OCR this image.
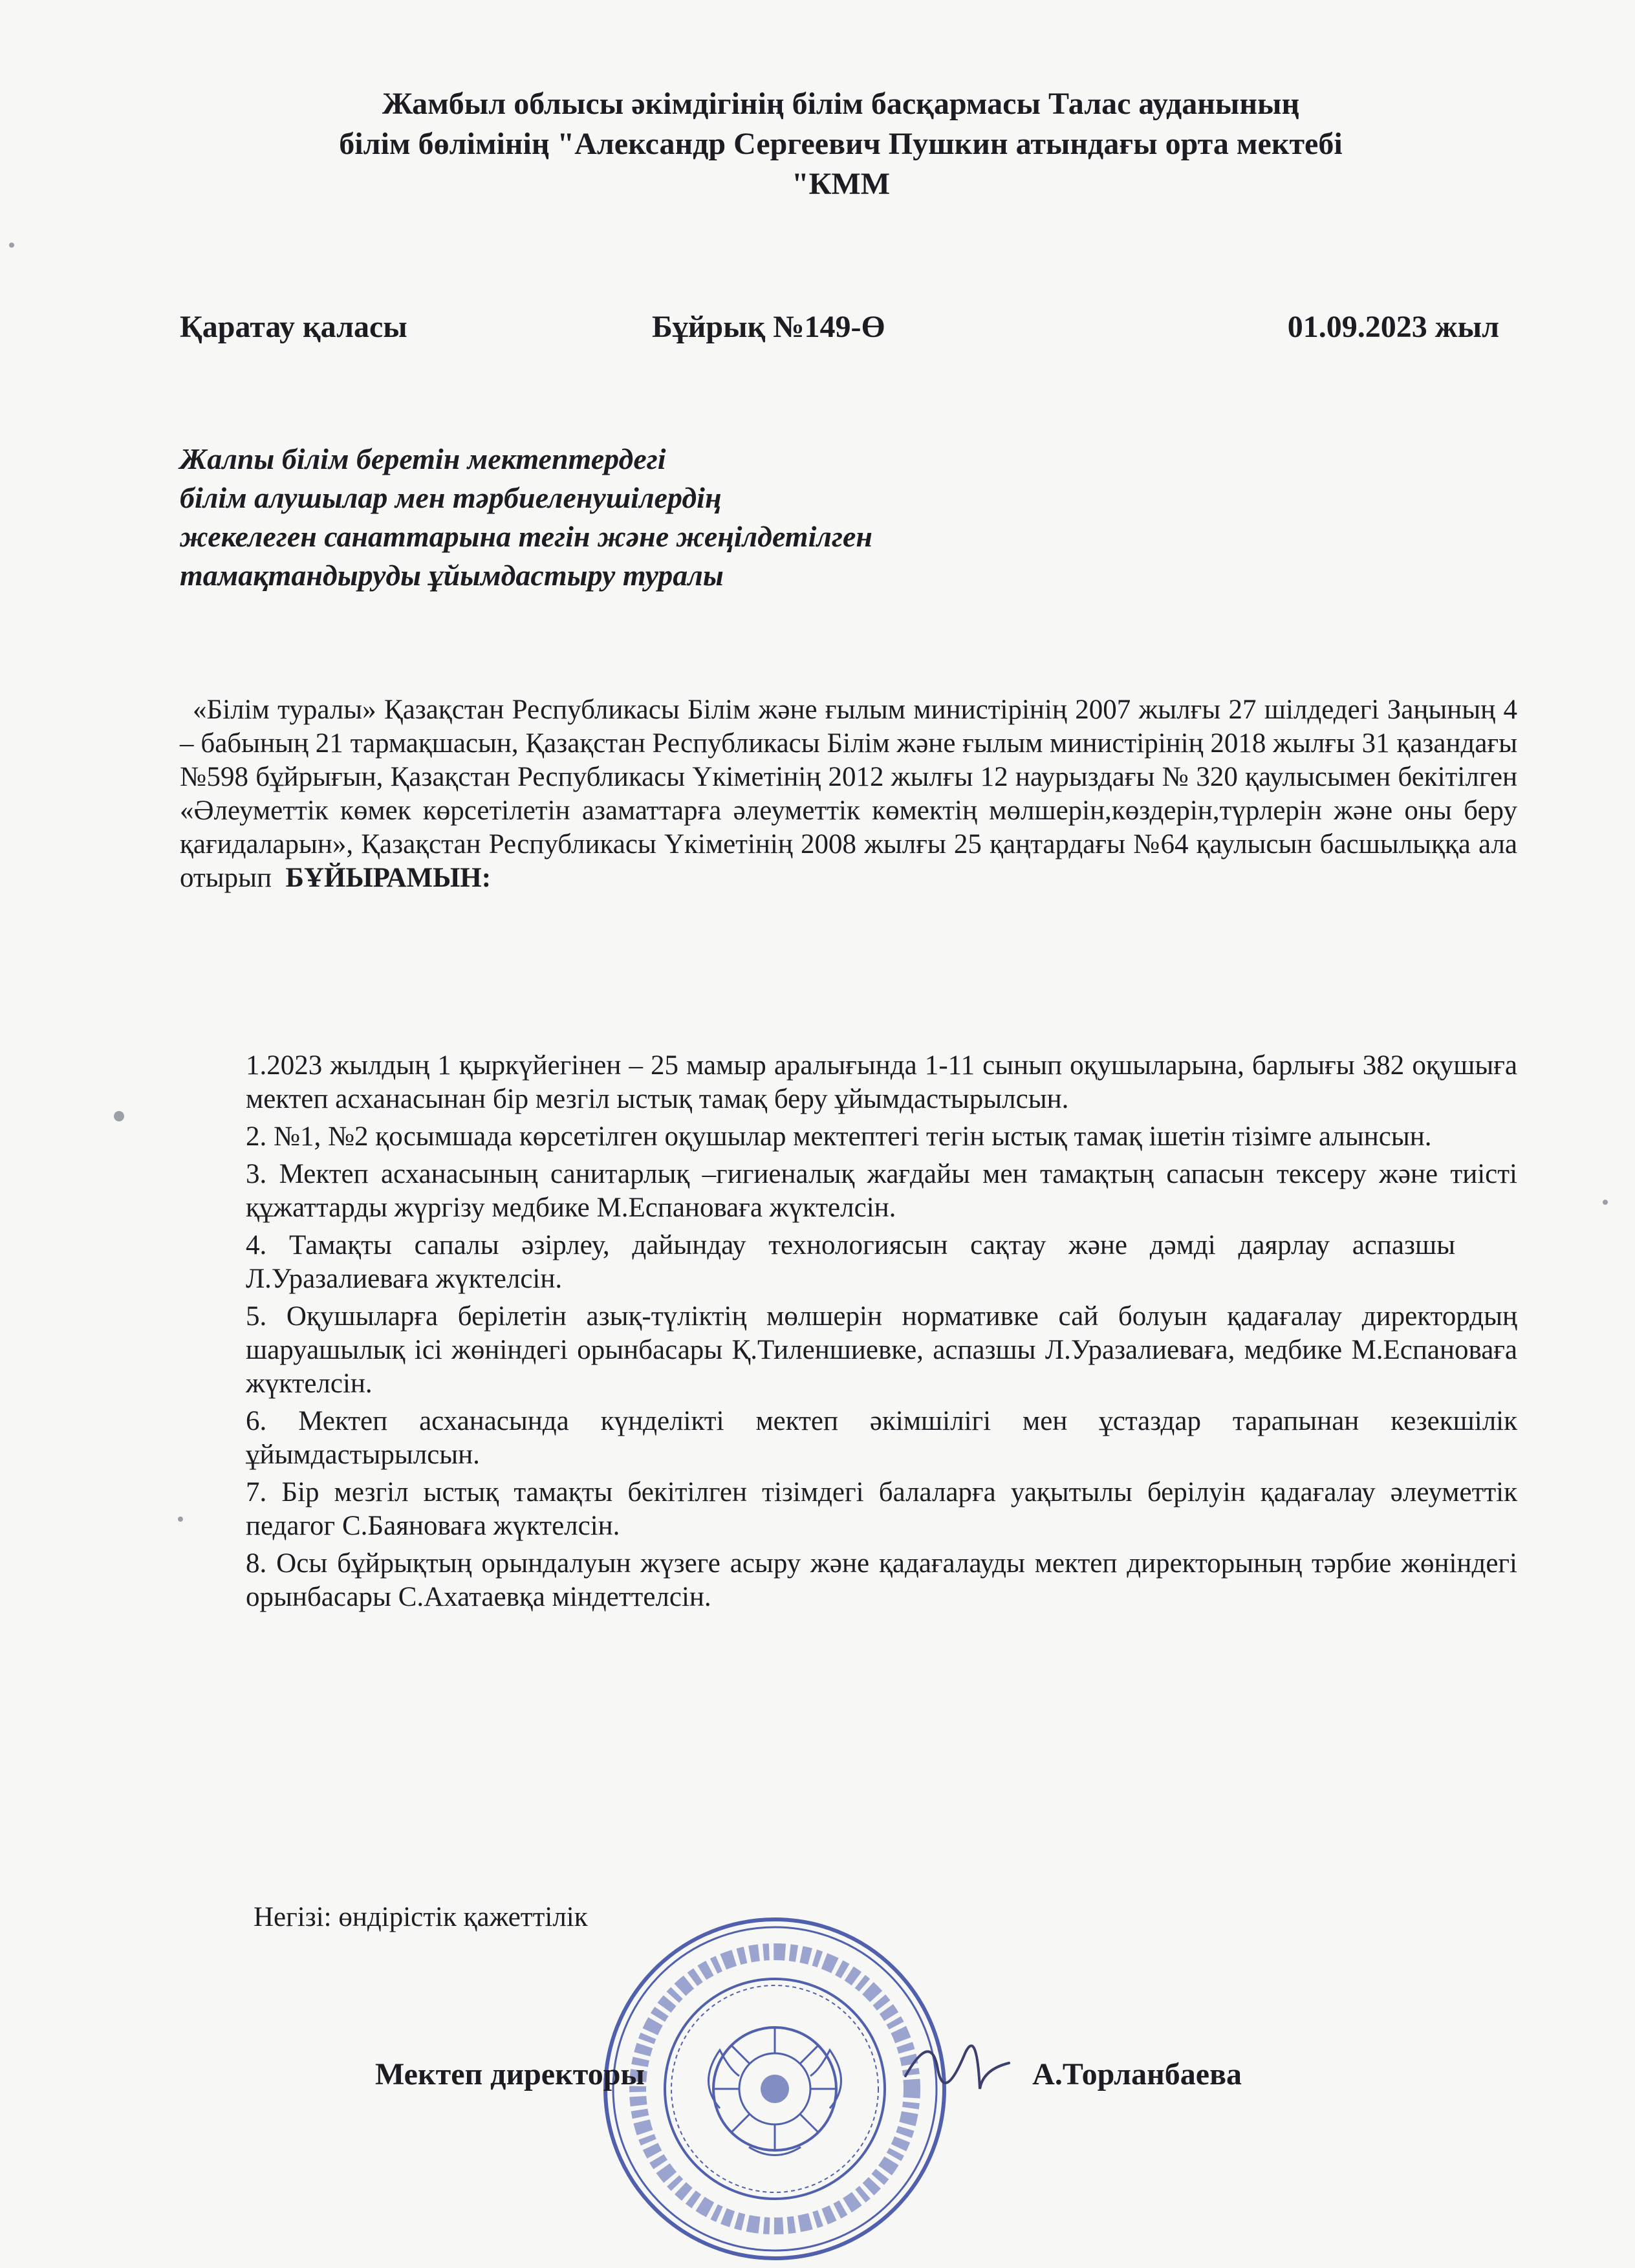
Жамбыл облысы әкімдігінің білім басқармасы Талас ауданының
білім бөлімінің "Александр Сергеевич Пушкин атындағы орта мектебі
"КММ
Қаратау қаласы	Бұйрық №149-Ө	01.09.2023 жыл
Жалпы білім беретін мектептердегі
білім алушылар мен тәрбиеленушілердің
жекелеген санаттарына тегін және жеңілдетілген
тамақтандыруды ұйымдастыру туралы
«Білім туралы» Қазақстан Республикасы Білім және ғылым министірінің 2007 жылғы 27 шілдедегі Заңының 4 – бабының 21 тармақшасын, Қазақстан Республикасы Білім және ғылым министірінің 2018 жылғы 31 қазандағы №598 бұйрығын, Қазақстан Республикасы Үкіметінің 2012 жылғы 12 наурыздағы № 320 қаулысымен бекітілген «Әлеуметтік көмек көрсетілетін азаматтарға әлеуметтік көмектің мөлшерін,көздерін,түрлерін және оны беру қағидаларын», Қазақстан Республикасы Үкіметінің 2008 жылғы 25 қаңтардағы №64 қаулысын басшылыққа ала отырып БҰЙЫРАМЫН:
1.2023 жылдың 1 қыркүйегінен – 25 мамыр аралығында 1-11 сынып оқушыларына, барлығы 382 оқушыға мектеп асханасынан бір мезгіл ыстық тамақ беру ұйымдастырылсын.
2. №1, №2 қосымшада көрсетілген оқушылар мектептегі тегін ыстық тамақ ішетін тізімге алынсын.
3. Мектеп асханасының санитарлық –гигиеналық жағдайы мен тамақтың сапасын тексеру және тиісті құжаттарды жүргізу медбике М.Еспановаға жүктелсін.
4. Тамақты сапалы әзірлеу, дайындау технологиясын сақтау және дәмді даярлау аспазшы Л.Уразалиеваға жүктелсін.
5. Оқушыларға берілетін азық-түліктің мөлшерін нормативке сай болуын қадағалау директордың шаруашылық ісі жөніндегі орынбасары Қ.Тиленшиевке, аспазшы Л.Уразалиеваға, медбике М.Еспановаға жүктелсін.
6. Мектеп асханасында күнделікті мектеп әкімшілігі мен ұстаздар тарапынан кезекшілік ұйымдастырылсын.
7. Бір мезгіл ыстық тамақты бекітілген тізімдегі балаларға уақытылы берілуін қадағалау әлеуметтік педагог С.Баяноваға жүктелсін.
8. Осы бұйрықтың орындалуын жүзеге асыру және қадағалауды мектеп директорының тәрбие жөніндегі орынбасары С.Ахатаевқа міндеттелсін.
Негізі: өндірістік қажеттілік
Мектеп директоры	А.Торланбаева
